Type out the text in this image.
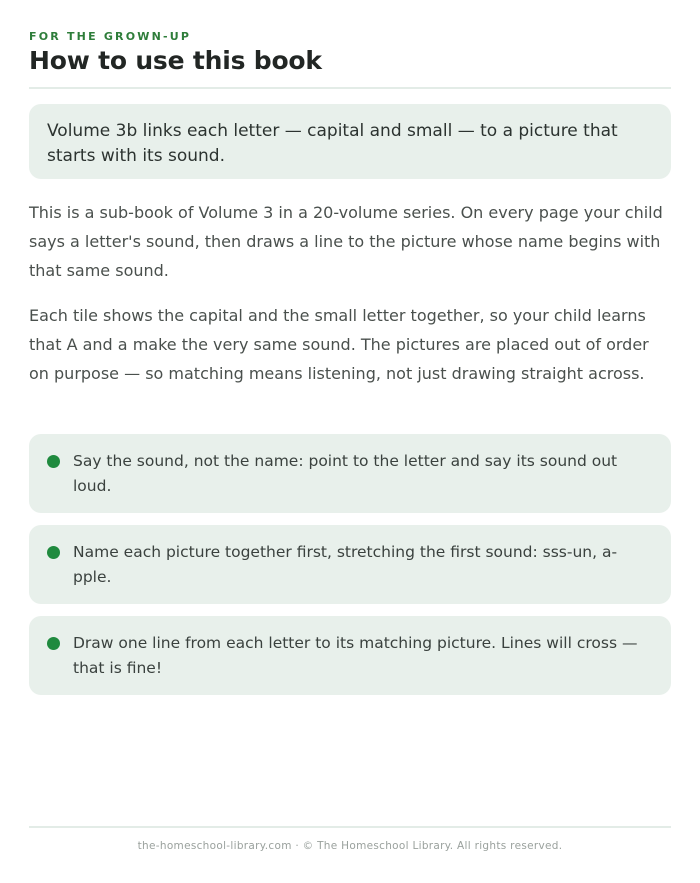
FOR THE GROWN-UP
How to use this book
Volume 3b links each letter — capital and small — to a picture that starts with its sound.
This is a sub-book of Volume 3 in a 20-volume series. On every page your child says a letter's sound, then draws a line to the picture whose name begins with that same sound.
Each tile shows the capital and the small letter together, so your child learns that A and a make the very same sound. The pictures are placed out of order on purpose — so matching means listening, not just drawing straight across.
Say the sound, not the name: point to the letter and say its sound out loud.
Name each picture together first, stretching the first sound: sss-un, a-pple.
Draw one line from each letter to its matching picture. Lines will cross — that is fine!
the-homeschool-library.com · © The Homeschool Library. All rights reserved.
